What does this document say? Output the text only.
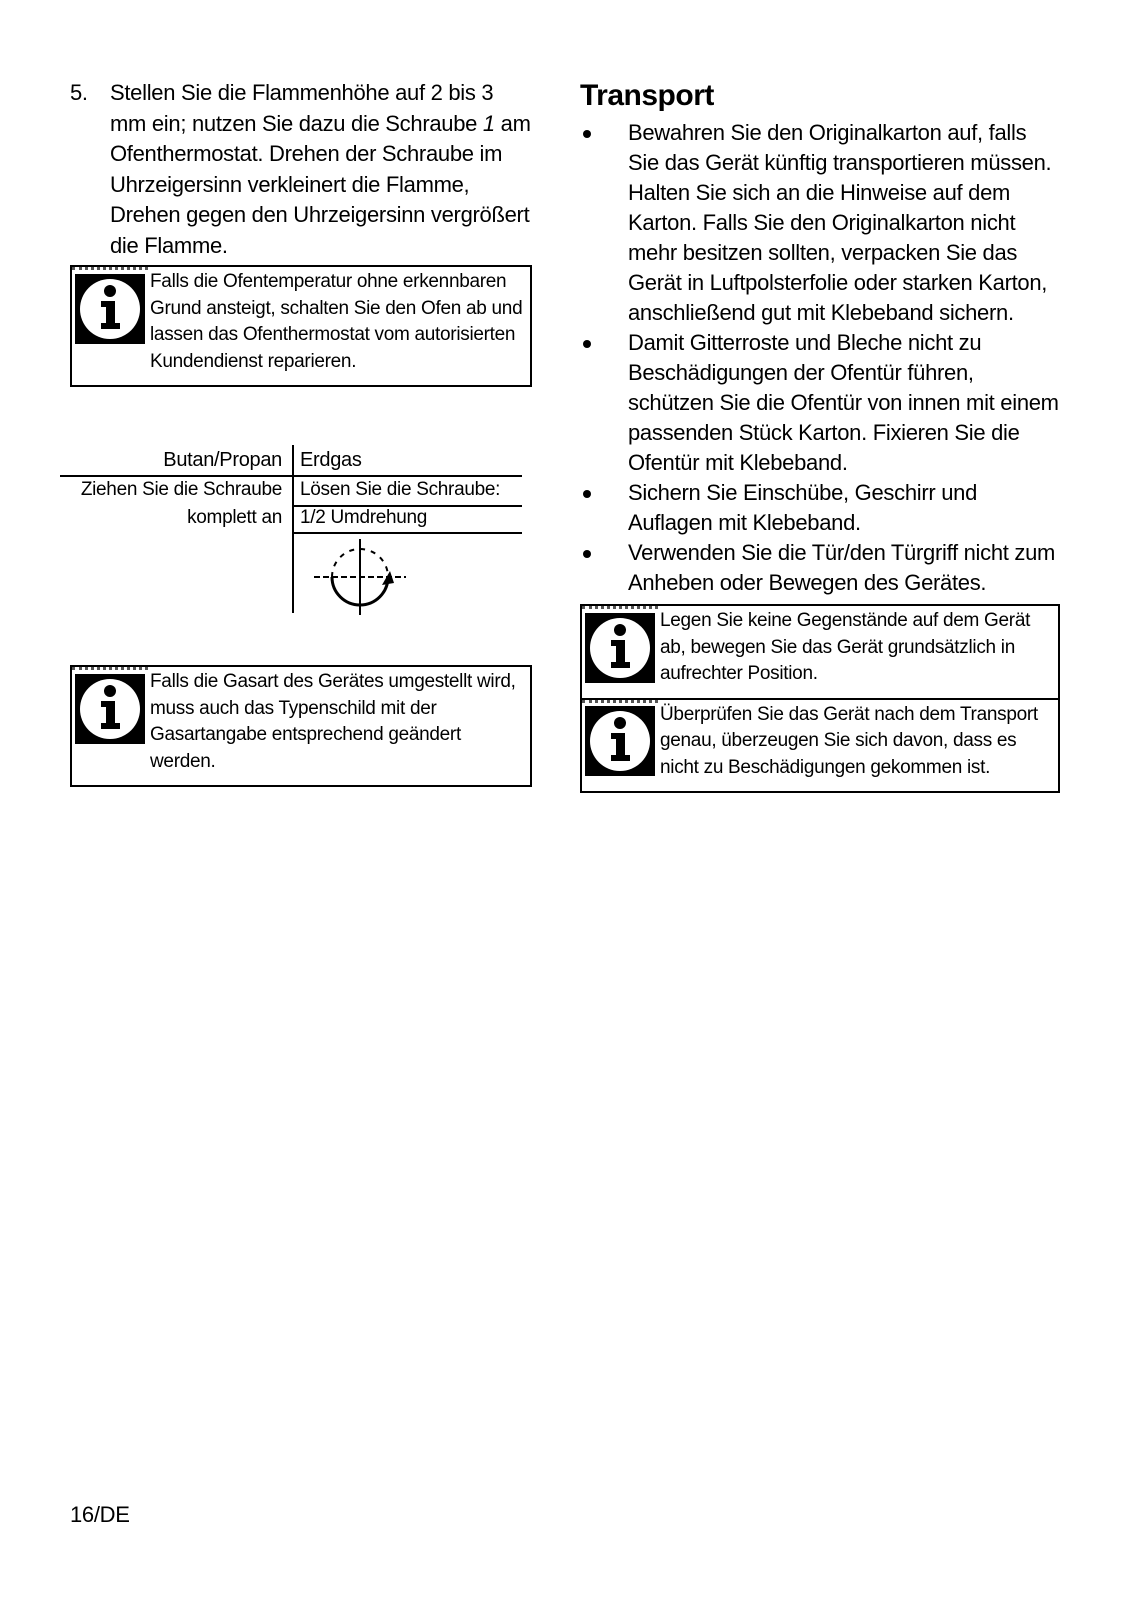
5. Stellen Sie die Flammenhöhe auf 2 bis 3 mm ein; nutzen Sie dazu die Schraube 1 am Ofenthermostat. Drehen der Schraube im Uhrzeigersinn verkleinert die Flamme, Drehen gegen den Uhrzeigersinn vergrößert die Flamme.
Falls die Ofentemperatur ohne erkennbaren Grund ansteigt, schalten Sie den Ofen ab und lassen das Ofenthermostat vom autorisierten Kundendienst reparieren.
Butan/Propan Erdgas
Ziehen Sie die Schraube
komplett an
Lösen Sie die Schraube:
1/2 Umdrehung
Falls die Gasart des Gerätes umgestellt wird, muss auch das Typenschild mit der Gasartangabe entsprechend geändert werden.
Transport
Bewahren Sie den Originalkarton auf, falls Sie das Gerät künftig transportieren müssen. Halten Sie sich an die Hinweise auf dem Karton. Falls Sie den Originalkarton nicht mehr besitzen sollten, verpacken Sie das Gerät in Luftpolsterfolie oder starken Karton, anschließend gut mit Klebeband sichern.
Damit Gitterroste und Bleche nicht zu Beschädigungen der Ofentür führen, schützen Sie die Ofentür von innen mit einem passenden Stück Karton. Fixieren Sie die Ofentür mit Klebeband.
Sichern Sie Einschübe, Geschirr und Auflagen mit Klebeband.
Verwenden Sie die Tür/den Türgriff nicht zum Anheben oder Bewegen des Gerätes.
Legen Sie keine Gegenstände auf dem Gerät ab, bewegen Sie das Gerät grundsätzlich in aufrechter Position.
Überprüfen Sie das Gerät nach dem Transport genau, überzeugen Sie sich davon, dass es nicht zu Beschädigungen gekommen ist.
16/DE
